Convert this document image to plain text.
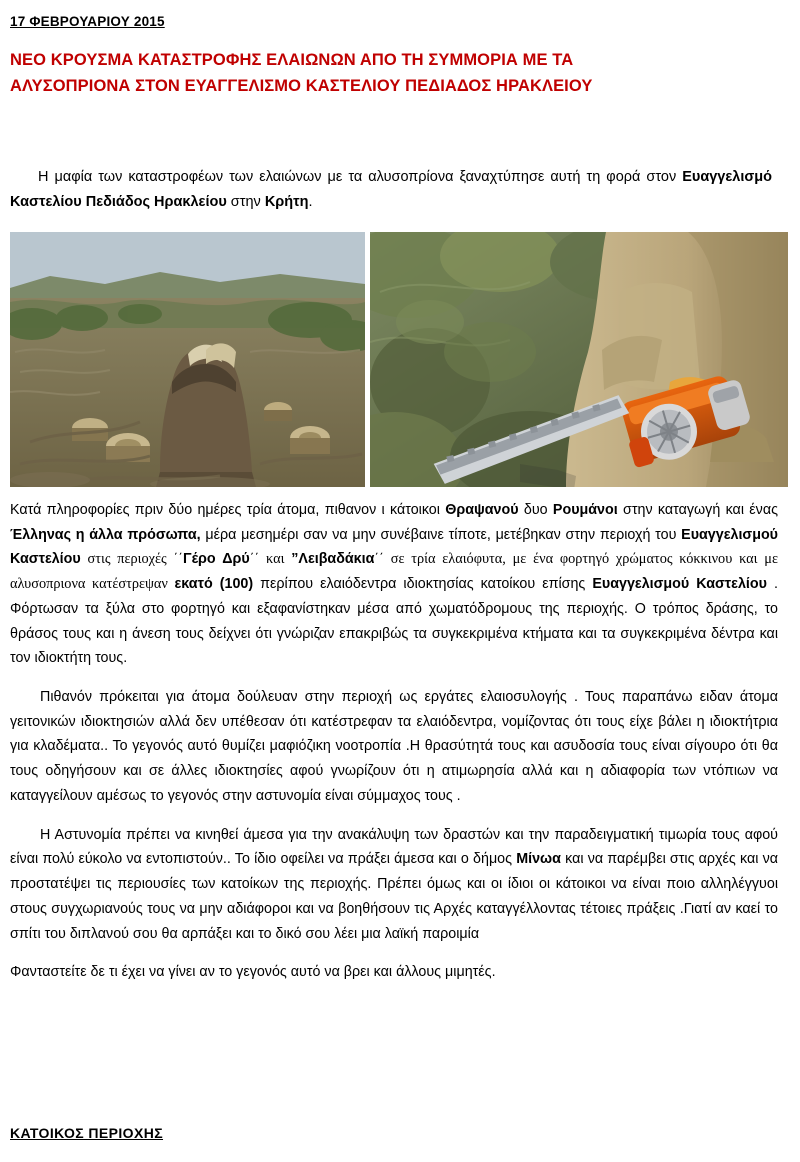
17 ΦΕΒΡΟΥΑΡΙΟΥ 2015
ΝΕΟ ΚΡΟΥΣΜΑ ΚΑΤΑΣΤΡΟΦΗΣ ΕΛΑΙΩΝΩΝ ΑΠΟ ΤΗ ΣΥΜΜΟΡΙΑ ΜΕ ΤΑ
ΑΛΥΣΟΠΡΙΟΝΑ ΣΤΟΝ ΕΥΑΓΓΕΛΙΣΜΟ ΚΑΣΤΕΛΙΟΥ ΠΕΔΙΑΔΟΣ ΗΡΑΚΛΕΙΟΥ
Η μαφία των καταστροφέων των ελαιώνων με τα αλυσοπρίονα ξαναχτύπησε αυτή τη φορά στον Ευαγγελισμό Καστελίου Πεδιάδος Ηρακλείου στην Κρήτη.

Κατά πληροφορίες πριν δύο ημέρες τρία άτομα, πιθανον ι κάτοικοι Θραψανού δυο Ρουμάνοι στην καταγωγή και ένας Έλληνας η άλλα πρόσωπα, μέρα μεσημέρι σαν να μην συνέβαινε τίποτε, μετέβηκαν στην περιοχή του Ευαγγελισμού Καστελίου στις περιοχές ΄΄Γέρο Δρύ΄΄ και ”Λειβαδάκια΄΄ σε τρία ελαιόφυτα, με ένα φορτηγό χρώματος κόκκινου και με αλυσοπριονα κατέστρεψαν εκατό (100) περίπου ελαιόδεντρα ιδιοκτησίας κατοίκου επίσης Ευαγγελισμού Καστελίου . Φόρτωσαν τα ξύλα στο φορτηγό και εξαφανίστηκαν μέσα από χωματόδρομους της περιοχής. Ο τρόπος δράσης, το θράσος τους και η άνεση τους δείχνει ότι γνώριζαν επακριβώς τα συγκεκριμένα κτήματα και τα συγκεκριμένα δέντρα και τον ιδιοκτήτη τους.

Πιθανόν πρόκειται για άτομα δούλευαν στην περιοχή ως εργάτες ελαιοσυλογής . Τους παραπάνω ειδαν άτομα γειτονικών ιδιοκτησιών αλλά δεν υπέθεσαν ότι κατέστρεφαν τα ελαιόδεντρα, νομίζοντας ότι τους είχε βάλει η ιδιοκτήτρια για κλαδέματα.. Το γεγονός αυτό θυμίζει μαφιόζικη νοοτροπία .Η θρασύτητά τους και ασυδοσία τους είναι σίγουρο ότι θα τους οδηγήσουν και σε άλλες ιδιοκτησίες αφού γνωρίζουν ότι η ατιμωρησία αλλά και η αδιαφορία των ντόπιων να καταγγείλουν αμέσως το γεγονός στην αστυνομία είναι σύμμαχος τους .

Η Αστυνομία πρέπει να κινηθεί άμεσα για την ανακάλυψη των δραστών και την παραδειγματική τιμωρία τους αφού είναι πολύ εύκολο να εντοπιστούν.. Το ίδιο οφείλει να πράξει άμεσα και ο δήμος Μίνωα και να παρέμβει στις αρχές και να προστατέψει τις περιουσίες των κατοίκων της περιοχής. Πρέπει όμως και οι ίδιοι οι κάτοικοι να είναι ποιο αλληλέγγυοι στους συγχωριανούς τους να μην αδιάφοροι και να βοηθήσουν τις Αρχές καταγγέλλοντας τέτοιες πράξεις .Γιατί αν καεί το σπίτι του διπλανού σου θα αρπάξει και το δικό σου λέει μια λαϊκή παροιμία

Φανταστείτε δε τι έχει να γίνει αν το γεγονός αυτό να βρει και άλλους μιμητές.

ΚΑΤΟΙΚΟΣ ΠΕΡΙΟΧΗΣ
